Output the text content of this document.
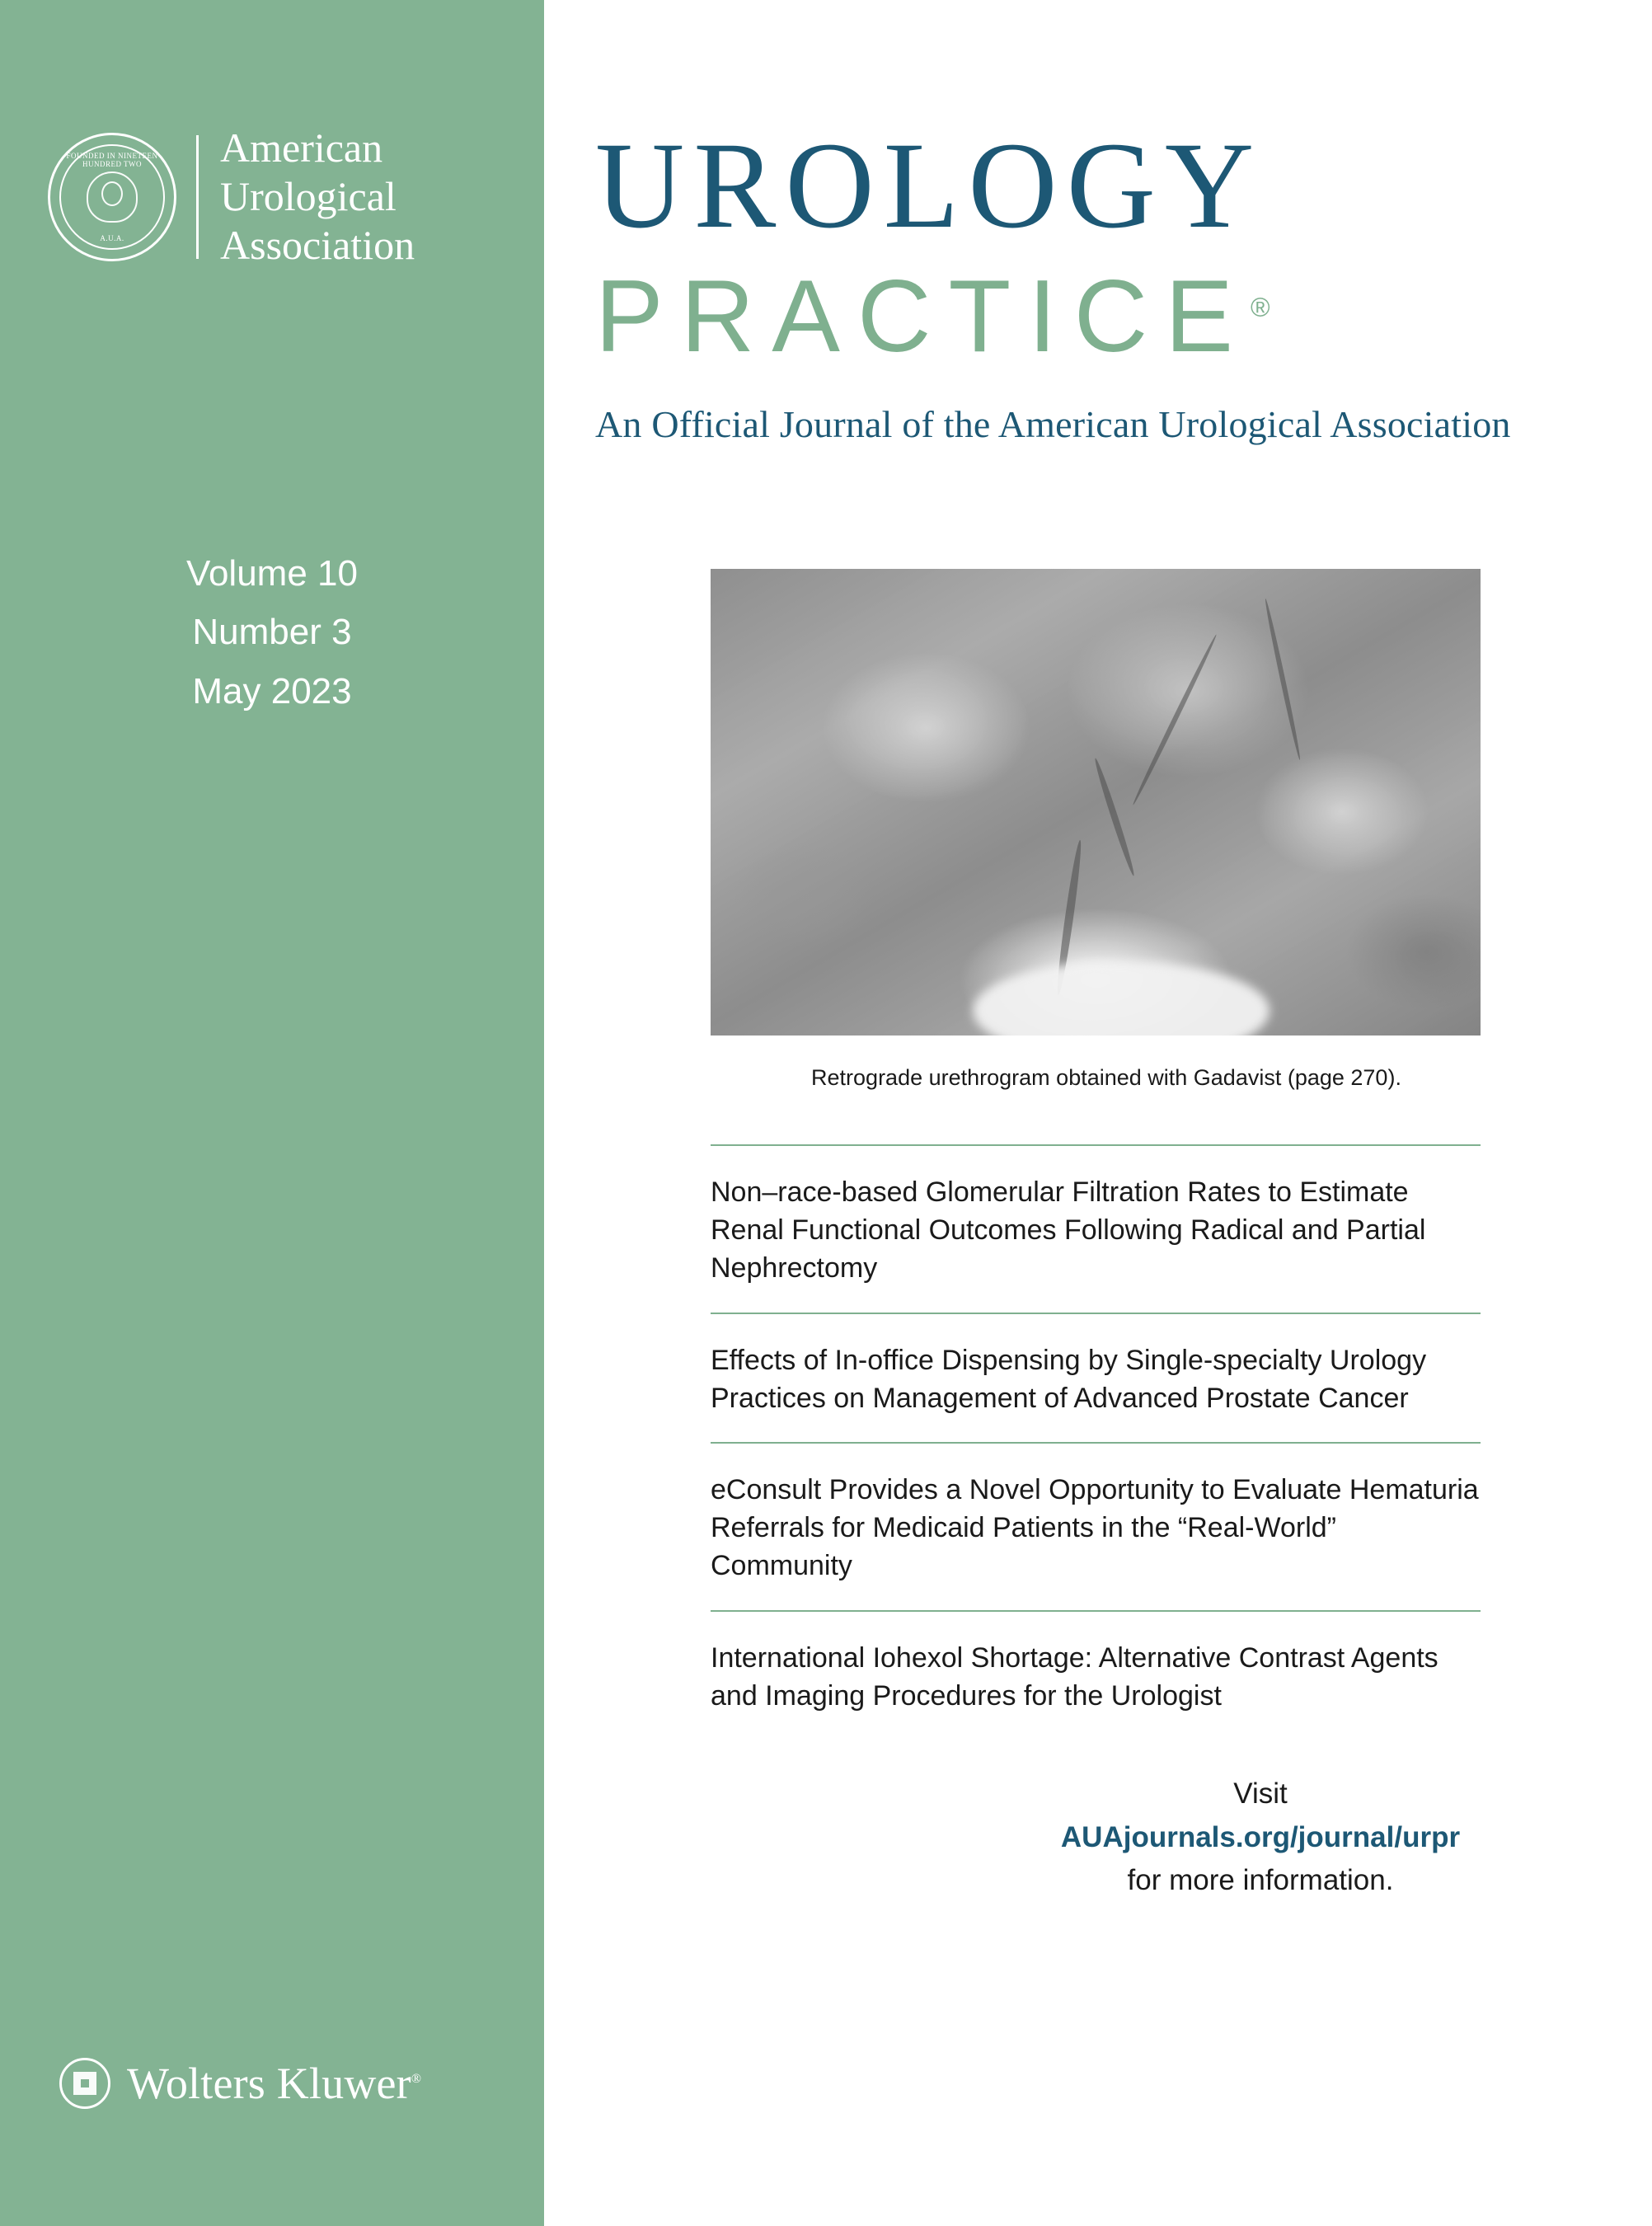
FOUNDED IN NINETEEN HUNDRED TWO
A.U.A.
American
Urological
Association
Volume 10
Number 3
May 2023
Wolters Kluwer®
UROLOGY
PRACTICE®
An Official Journal of the American Urological Association
Retrograde urethrogram obtained with Gadavist (page 270).
Non–race-based Glomerular Filtration Rates to Estimate Renal Functional Outcomes Following Radical and Partial Nephrectomy
Effects of In-office Dispensing by Single-specialty Urology Practices on Management of Advanced Prostate Cancer
eConsult Provides a Novel Opportunity to Evaluate Hematuria Referrals for Medicaid Patients in the “Real-World” Community
International Iohexol Shortage: Alternative Contrast Agents and Imaging Procedures for the Urologist
Visit
AUAjournals.org/journal/urpr
for more information.
